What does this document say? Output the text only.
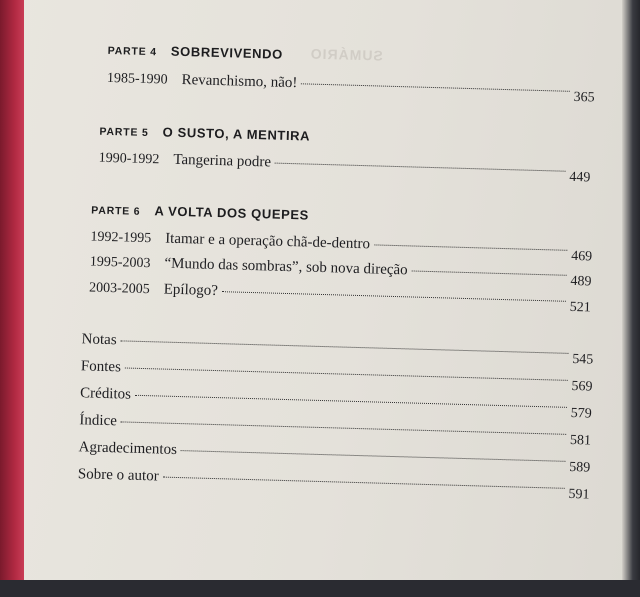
SUMÁRIO
PARTE 4 SOBREVIVENDO
1985-1990 Revanchismo, não!
365
PARTE 5 O SUSTO, A MENTIRA
1990-1992 Tangerina podre
449
PARTE 6 A VOLTA DOS QUEPES
1992-1995 Itamar e a operação chã-de-dentro
469
1995-2003 “Mundo das sombras”, sob nova direção
489
2003-2005 Epílogo?
521
Notas
545
Fontes
569
Créditos
579
Índice
581
Agradecimentos
589
Sobre o autor
591
